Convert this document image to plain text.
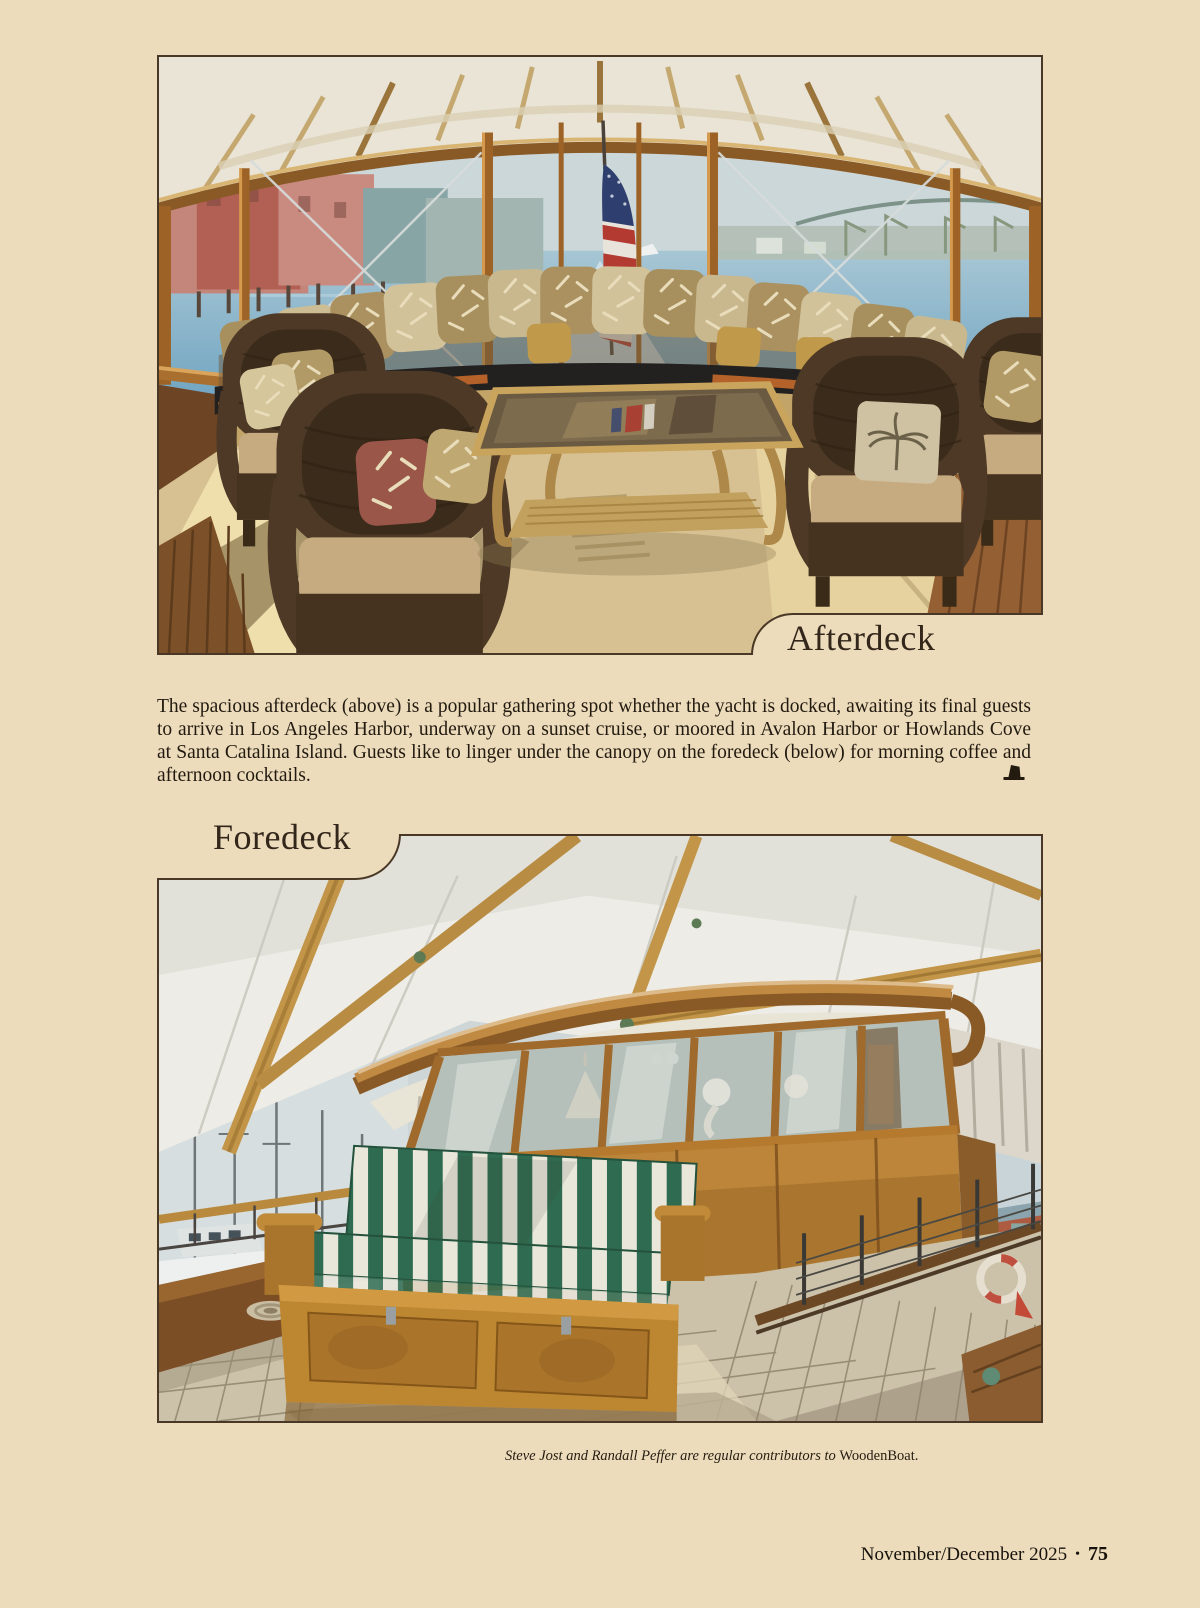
Afterdeck

The spacious afterdeck (above) is a popular gathering spot whether the yacht is docked, awaiting its final guests to arrive in Los Angeles Harbor, underway on a sunset cruise, or moored in Avalon Harbor or Howlands Cove at Santa Catalina Island. Guests like to linger under the canopy on the foredeck (below) for morning coffee and afternoon cocktails.

Foredeck

Steve Jost and Randall Peffer are regular contributors to WoodenBoat.

November/December 2025 • 75
